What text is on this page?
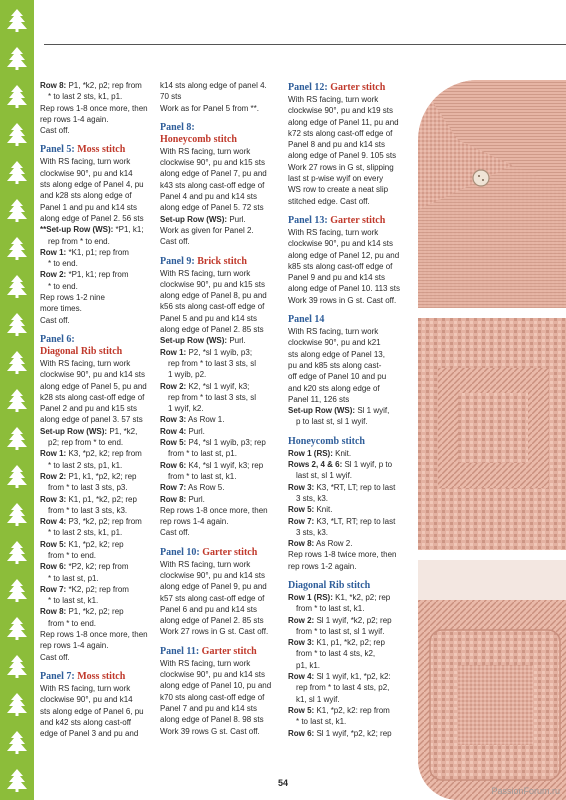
Row 8: P1, *k2, p2; rep from
* to last 2 sts, k1, p1.
Rep rows 1-8 once more, then
rep rows 1-4 again.
Cast off.
Panel 5: Moss stitch
With RS facing, turn work
clockwise 90°, pu and k14
sts along edge of Panel 4, pu
and k28 sts along edge of
Panel 1 and pu and k14 sts
along edge of Panel 2. 56 sts
**Set-up Row (WS): *P1, k1;
rep from * to end.
Row 1: *K1, p1; rep from
* to end.
Row 2: *P1, k1; rep from
* to end.
Rep rows 1-2 nine
more times.
Cast off.
Panel 6:
Diagonal Rib stitch
With RS facing, turn work
clockwise 90°, pu and k14 sts
along edge of Panel 5, pu and
k28 sts along cast-off edge of
Panel 2 and pu and k15 sts
along edge of panel 3. 57 sts
Set-up Row (WS): P1, *k2,
p2; rep from * to end.
Row 1: K3, *p2, k2; rep from
* to last 2 sts, p1, k1.
Row 2: P1, k1, *p2, k2; rep
from * to last 3 sts, p3.
Row 3: K1, p1, *k2, p2; rep
from * to last 3 sts, k3.
Row 4: P3, *k2, p2; rep from
* to last 2 sts, k1, p1.
Row 5: K1, *p2, k2; rep
from * to end.
Row 6: *P2, k2; rep from
* to last st, p1.
Row 7: *K2, p2; rep from
* to last st, k1.
Row 8: P1, *k2, p2; rep
from * to end.
Rep rows 1-8 once more, then
rep rows 1-4 again.
Cast off.
Panel 7: Moss stitch
With RS facing, turn work
clockwise 90°, pu and k14
sts along edge of Panel 6, pu
and k42 sts along cast-off
edge of Panel 3 and pu and
k14 sts along edge of panel 4.
70 sts
Work as for Panel 5 from **.
Panel 8:
Honeycomb stitch
With RS facing, turn work
clockwise 90°, pu and k15 sts
along edge of Panel 7, pu and
k43 sts along cast-off edge of
Panel 4 and pu and k14 sts
along edge of Panel 5. 72 sts
Set-up Row (WS): Purl.
Work as given for Panel 2.
Cast off.
Panel 9: Brick stitch
With RS facing, turn work
clockwise 90°, pu and k15 sts
along edge of Panel 8, pu and
k56 sts along cast-off edge of
Panel 5 and pu and k14 sts
along edge of Panel 2. 85 sts
Set-up Row (WS): Purl.
Row 1: P2, *sl 1 wyib, p3;
rep from * to last 3 sts, sl
1 wyib, p2.
Row 2: K2, *sl 1 wyif, k3;
rep from * to last 3 sts, sl
1 wyif, k2.
Row 3: As Row 1.
Row 4: Purl.
Row 5: P4, *sl 1 wyib, p3; rep
from * to last st, p1.
Row 6: K4, *sl 1 wyif, k3; rep
from * to last st, k1.
Row 7: As Row 5.
Row 8: Purl.
Rep rows 1-8 once more, then
rep rows 1-4 again.
Cast off.
Panel 10: Garter stitch
With RS facing, turn work
clockwise 90°, pu and k14 sts
along edge of Panel 9, pu and
k57 sts along cast-off edge of
Panel 6 and pu and k14 sts
along edge of Panel 2. 85 sts
Work 27 rows in G st. Cast off.
Panel 11: Garter stitch
With RS facing, turn work
clockwise 90°, pu and k14 sts
along edge of Panel 10, pu and
k70 sts along cast-off edge of
Panel 7 and pu and k14 sts
along edge of Panel 8. 98 sts
Work 39 rows G st. Cast off.
Panel 12: Garter stitch
With RS facing, turn work
clockwise 90°, pu and k19 sts
along edge of Panel 11, pu and
k72 sts along cast-off edge of
Panel 8 and pu and k14 sts
along edge of Panel 9. 105 sts
Work 27 rows in G st, slipping
last st p-wise wyif on every
WS row to create a neat slip
stitched edge. Cast off.
Panel 13: Garter stitch
With RS facing, turn work
clockwise 90°, pu and k14 sts
along edge of Panel 12, pu and
k85 sts along cast-off edge of
Panel 9 and pu and k14 sts
along edge of Panel 10. 113 sts
Work 39 rows in G st. Cast off.
Panel 14
With RS facing, turn work
clockwise 90°, pu and k21
sts along edge of Panel 13,
pu and k85 sts along cast-
off edge of Panel 10 and pu
and k20 sts along edge of
Panel 11, 126 sts
Set-up Row (WS): Sl 1 wyif,
p to last st, sl 1 wyif.
Honeycomb stitch
Row 1 (RS): Knit.
Rows 2, 4 & 6: Sl 1 wyif, p to
last st, sl 1 wyif.
Row 3: K3, *RT, LT; rep to last
3 sts, k3.
Row 5: Knit.
Row 7: K3, *LT, RT; rep to last
3 sts, k3.
Row 8: As Row 2.
Rep rows 1-8 twice more, then
rep rows 1-2 again.
Diagonal Rib stitch
Row 1 (RS): K1, *k2, p2; rep
from * to last st, k1.
Row 2: Sl 1 wyif, *k2, p2; rep
from * to last st, sl 1 wyif.
Row 3: K1, p1, *k2, p2; rep
from * to last 4 sts, k2,
p1, k1.
Row 4: Sl 1 wyif, k1, *p2, k2:
rep from * to last 4 sts, p2,
k1, sl 1 wyif.
Row 5: K1, *p2, k2: rep from
* to last st, k1.
Row 6: Sl 1 wyif, *p2, k2; rep
54
PassionForum.ru
